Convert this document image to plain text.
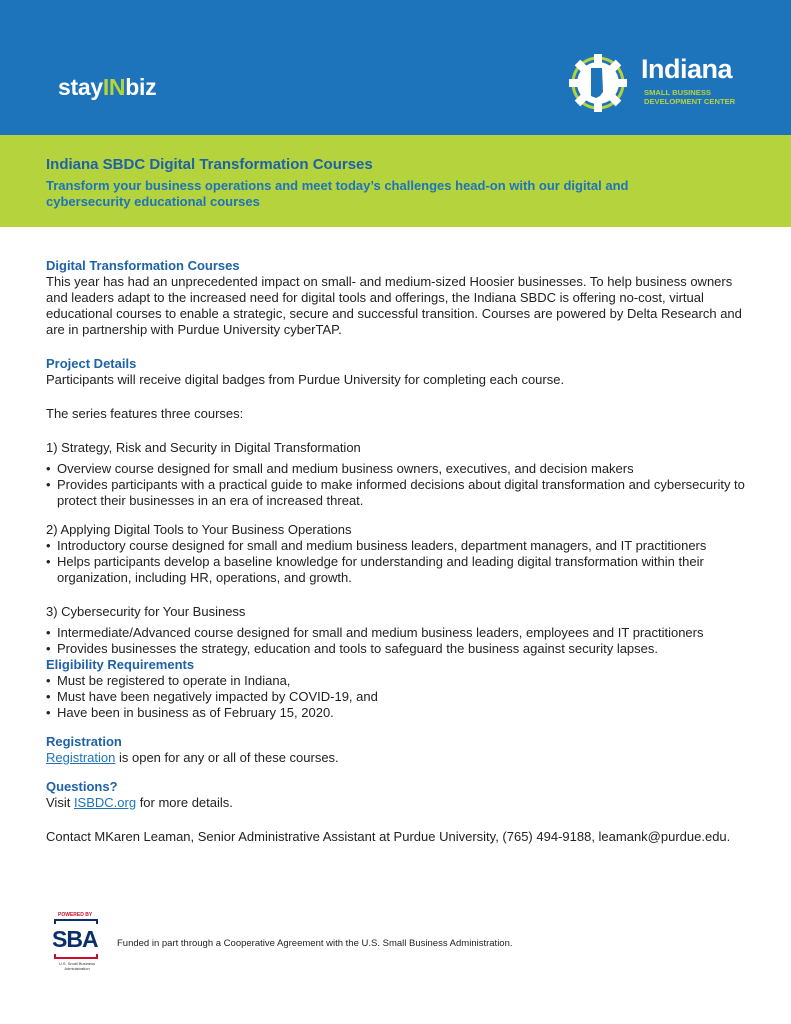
stayINbiz
Indiana
SMALL BUSINESS
DEVELOPMENT CENTER
Indiana SBDC Digital Transformation Courses
Transform your business operations and meet today’s challenges head-on with our digital and cybersecurity educational courses
Digital Transformation Courses

This year has had an unprecedented impact on small- and medium-sized Hoosier businesses. To help business owners and leaders adapt to the increased need for digital tools and offerings, the Indiana SBDC is offering no-cost, virtual educational courses to enable a strategic, secure and successful transition. Courses are powered by Delta Research and are in partnership with Purdue University cyberTAP.

Project Details

Participants will receive digital badges from Purdue University for completing each course.

The series features three courses:

1) Strategy, Risk and Security in Digital Transformation

• Overview course designed for small and medium business owners, executives, and decision makers
• Provides participants with a practical guide to make informed decisions about digital transformation and cybersecurity to protect their businesses in an era of increased threat.

2) Applying Digital Tools to Your Business Operations

• Introductory course designed for small and medium business leaders, department managers, and IT practitioners
• Helps participants develop a baseline knowledge for understanding and leading digital transformation within their organization, including HR, operations, and growth.

3) Cybersecurity for Your Business

• Intermediate/Advanced course designed for small and medium business leaders, employees and IT practitioners
• Provides businesses the strategy, education and tools to safeguard the business against security lapses.
Eligibility Requirements
• Must be registered to operate in Indiana,
• Must have been negatively impacted by COVID-19, and
• Have been in business as of February 15, 2020.
Registration

Registration is open for any or all of these courses.

Questions?

Visit ISBDC.org for more details.

Contact MKaren Leaman, Senior Administrative Assistant at Purdue University, (765) 494-9188, leamank@purdue.edu.

POWERED BY
SBA
U.S. Small Business
Administration
Funded in part through a Cooperative Agreement with the U.S. Small Business Administration.
